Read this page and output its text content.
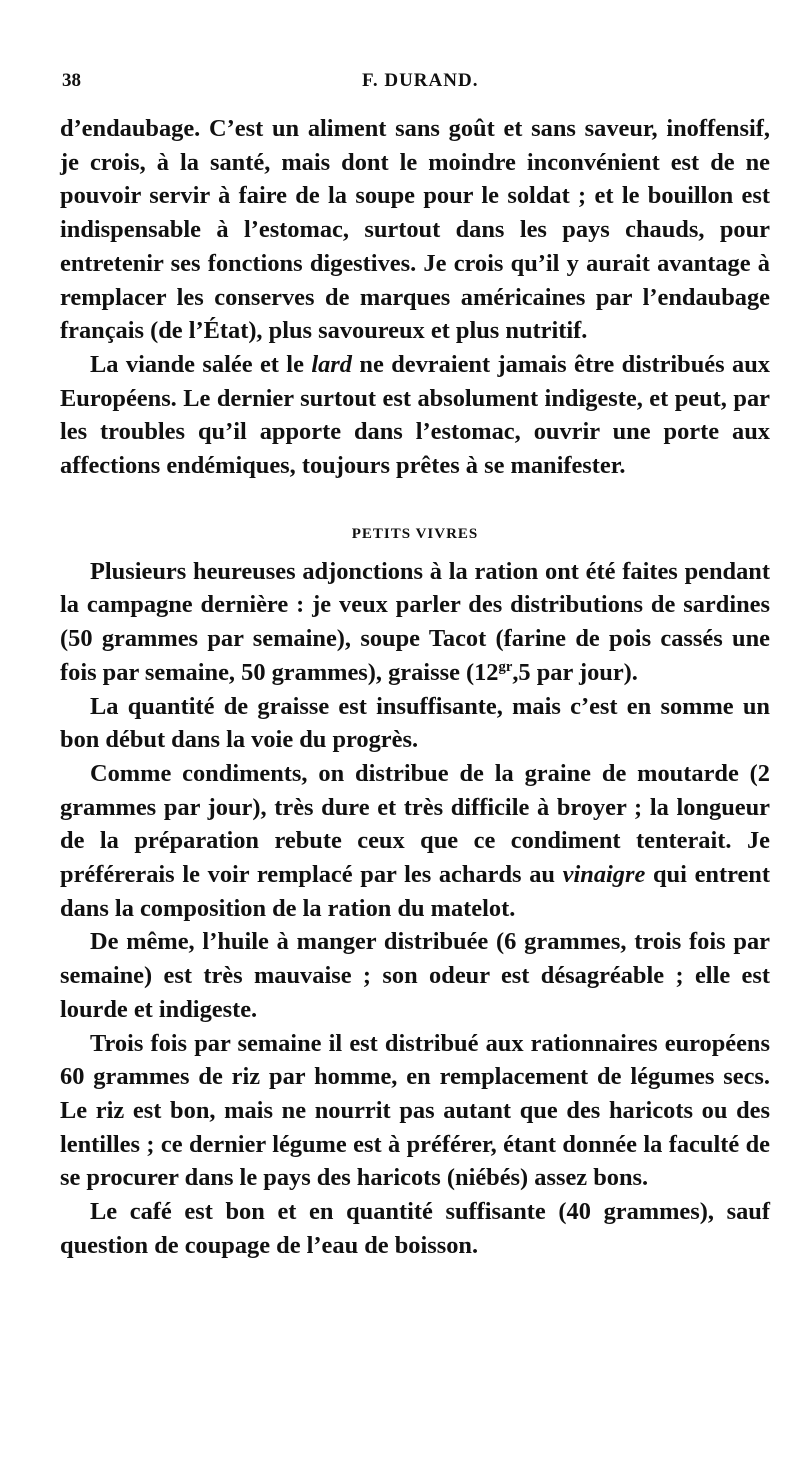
38	F. DURAND.

d’endaubage. C’est un aliment sans goût et sans saveur, inoffensif, je crois, à la santé, mais dont le moindre inconvénient est de ne pouvoir servir à faire de la soupe pour le soldat ; et le bouillon est indispensable à l’estomac, surtout dans les pays chauds, pour entretenir ses fonctions digestives. Je crois qu’il y aurait avantage à remplacer les conserves de marques américaines par l’endaubage français (de l’État), plus savoureux et plus nutritif.

La viande salée et le lard ne devraient jamais être distribués aux Européens. Le dernier surtout est absolument indigeste, et peut, par les troubles qu’il apporte dans l’estomac, ouvrir une porte aux affections endémiques, toujours prêtes à se manifester.

PETITS VIVRES

Plusieurs heureuses adjonctions à la ration ont été faites pendant la campagne dernière : je veux parler des distributions de sardines (50 grammes par semaine), soupe Tacot (farine de pois cassés une fois par semaine, 50 grammes), graisse ($12^{gr},5$ par jour).

La quantité de graisse est insuffisante, mais c’est en somme un bon début dans la voie du progrès.

Comme condiments, on distribue de la graine de moutarde (2 grammes par jour), très dure et très difficile à broyer ; la longueur de la préparation rebute ceux que ce condiment tenterait. Je préférerais le voir remplacé par les achards au vinaigre qui entrent dans la composition de la ration du matelot.

De même, l’huile à manger distribuée (6 grammes, trois fois par semaine) est très mauvaise ; son odeur est désagréable ; elle est lourde et indigeste.

Trois fois par semaine il est distribué aux rationnaires européens 60 grammes de riz par homme, en remplacement de légumes secs. Le riz est bon, mais ne nourrit pas autant que des haricots ou des lentilles ; ce dernier légume est à préférer, étant donnée la faculté de se procurer dans le pays des haricots (niébés) assez bons.

Le café est bon et en quantité suffisante (40 grammes), sauf question de coupage de l’eau de boisson.
